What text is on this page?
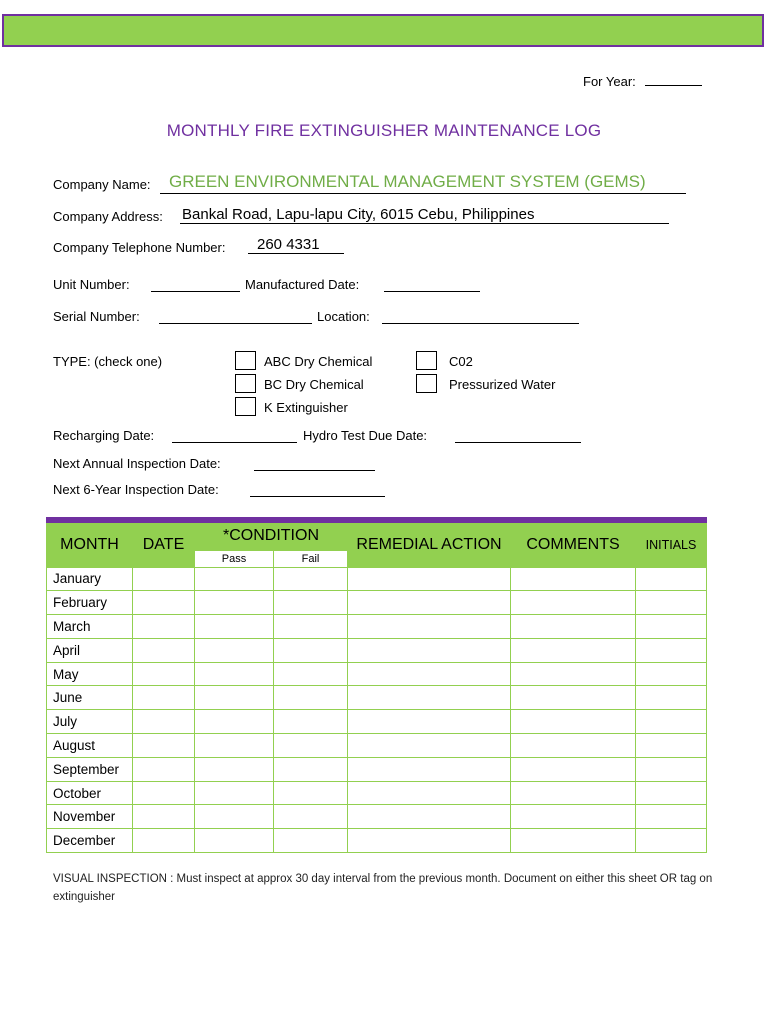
For Year:
MONTHLY FIRE EXTINGUISHER MAINTENANCE LOG
Company Name: GREEN ENVIRONMENTAL MANAGEMENT SYSTEM (GEMS)
Company Address: Bankal Road, Lapu-lapu City, 6015 Cebu, Philippines
Company Telephone Number: 260 4331
Unit Number:	Manufactured Date:
Serial Number:	Location:
TYPE: (check one)	ABC Dry Chemical
BC Dry Chemical
K Extinguisher
C02
Pressurized Water
Recharging Date:	Hydro Test Due Date:
Next Annual Inspection Date:
Next 6-Year Inspection Date:
MONTH	DATE	*CONDITION		REMEDIAL ACTION	COMMENTS	INITIALS
		Pass	Fail			
January						
February						
March						
April						
May						
June						
July						
August						
September						
October						
November						
December						
VISUAL INSPECTION : Must inspect at approx 30 day interval from the previous month. Document on either this sheet OR tag on extinguisher
